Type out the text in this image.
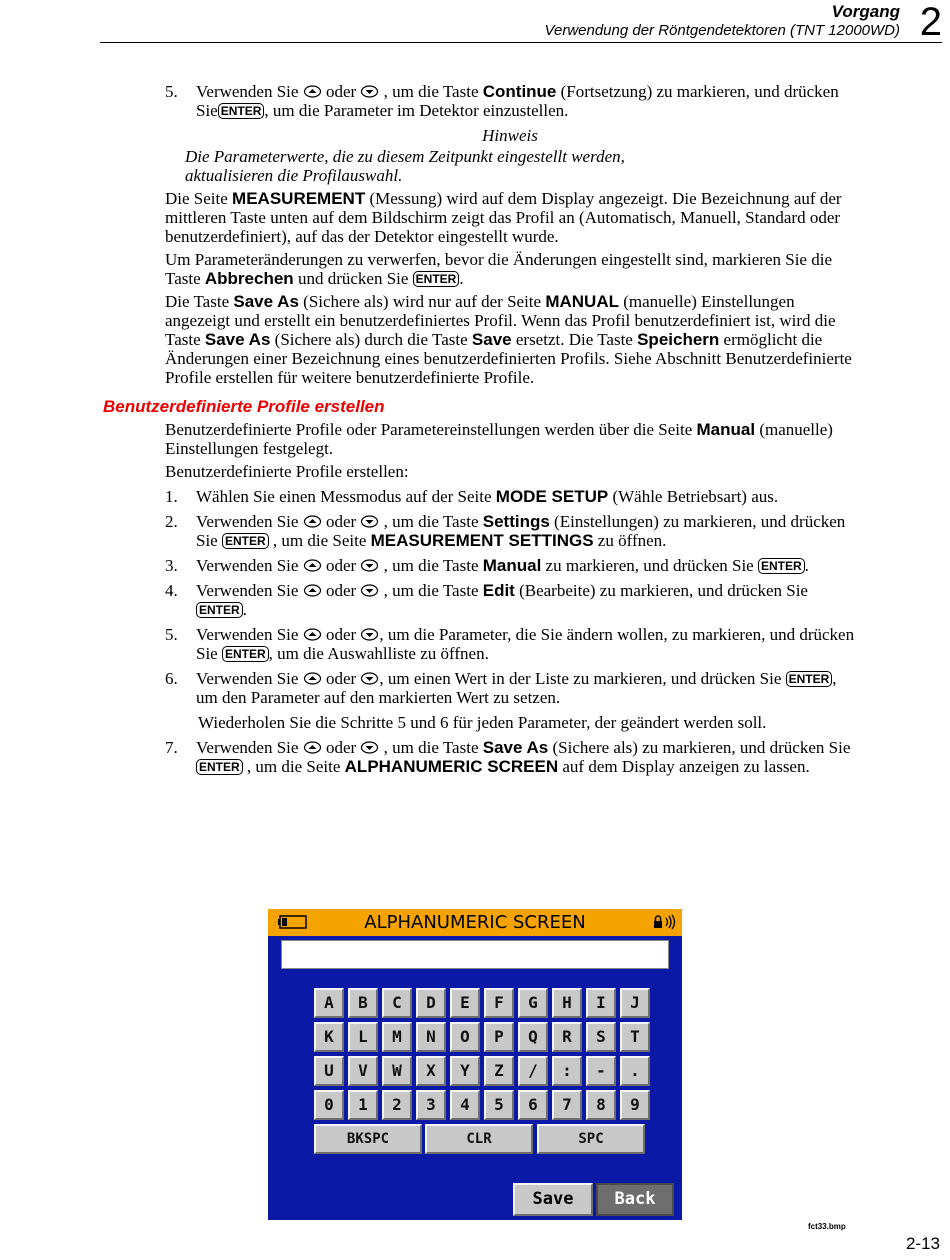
Vorgang
Verwendung der Röntgendetektoren (TNT 12000WD) 2
5. Verwenden Sie oder , um die Taste Continue (Fortsetzung) zu markieren, und drücken Sie ENTER , um die Parameter im Detektor einzustellen.
Hinweis
Die Parameterwerte, die zu diesem Zeitpunkt eingestellt werden,
aktualisieren die Profilauswahl.
Die Seite MEASUREMENT (Messung) wird auf dem Display angezeigt. Die Bezeichnung auf der mittleren Taste unten auf dem Bildschirm zeigt das Profil an (Automatisch, Manuell, Standard oder benutzerdefiniert), auf das der Detektor eingestellt wurde.
Um Parameteränderungen zu verwerfen, bevor die Änderungen eingestellt sind, markieren Sie die Taste Abbrechen und drücken Sie ENTER .
Die Taste Save As (Sichere als) wird nur auf der Seite MANUAL (manuelle) Einstellungen angezeigt und erstellt ein benutzerdefiniertes Profil. Wenn das Profil benutzerdefiniert ist, wird die Taste Save As (Sichere als) durch die Taste Save ersetzt. Die Taste Speichern ermöglicht die Änderungen einer Bezeichnung eines benutzerdefinierten Profils. Siehe Abschnitt Benutzerdefinierte Profile erstellen für weitere benutzerdefinierte Profile.
Benutzerdefinierte Profile erstellen
Benutzerdefinierte Profile oder Parametereinstellungen werden über die Seite Manual (manuelle) Einstellungen festgelegt.
Benutzerdefinierte Profile erstellen:
1. Wählen Sie einen Messmodus auf der Seite MODE SETUP (Wähle Betriebsart) aus.
2. Verwenden Sie oder , um die Taste Settings (Einstellungen) zu markieren, und drücken Sie ENTER , um die Seite MEASUREMENT SETTINGS zu öffnen.
3. Verwenden Sie oder , um die Taste Manual zu markieren, und drücken Sie ENTER .
4. Verwenden Sie oder , um die Taste Edit (Bearbeite) zu markieren, und drücken Sie ENTER .
5. Verwenden Sie oder , um die Parameter, die Sie ändern wollen, zu markieren, und drücken Sie ENTER , um die Auswahlliste zu öffnen.
6. Verwenden Sie oder , um einen Wert in der Liste zu markieren, und drücken Sie ENTER , um den Parameter auf den markierten Wert zu setzen.
Wiederholen Sie die Schritte 5 und 6 für jeden Parameter, der geändert werden soll.
7. Verwenden Sie oder , um die Taste Save As (Sichere als) zu markieren, und drücken Sie ENTER , um die Seite ALPHANUMERIC SCREEN auf dem Display anzeigen zu lassen.
ALPHANUMERIC SCREEN
A	B	C	D	E	F	G	H	I	J
K	L	M	N	O	P	Q	R	S	T
U	V	W	X	Y	Z	/	:	-	.
0	1	2	3	4	5	6	7	8	9
BKSPC	CLR	SPC
Save	Back
fct33.bmp
2-13
